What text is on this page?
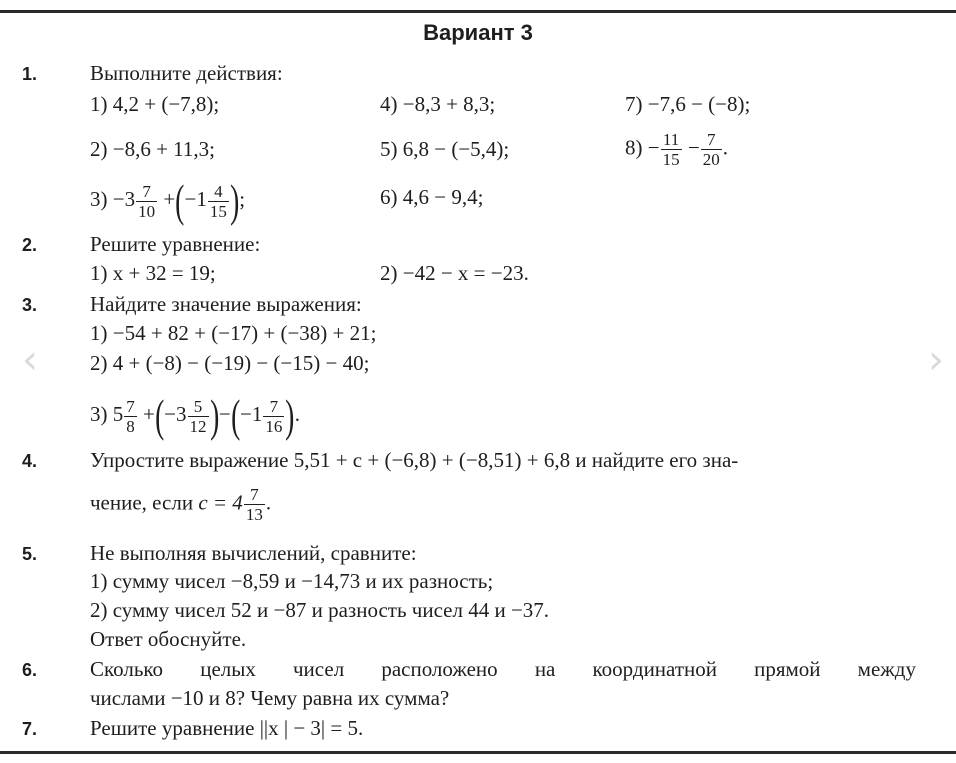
Вариант 3
1.	Выполните действия:
1) 4,2 + (−7,8);	4) −8,3 + 8,3;	7) −7,6 − (−8);
2) −8,6 + 11,3;	5) 6,8 − (−5,4);	$8) - \frac{11}{15} - \frac{7}{20}$ .
$3) -3 \frac{7}{10} +(-1 \frac{4}{15}$ );	6) 4,6 − 9,4;
2.	Решите уравнение:
1) x + 32 = 19;	2) −42 − x = −23.
3.	Найдите значение выражения:
1) −54 + 82 + (−17) + (−38) + 21;
2) 4 + (−8) − (−19) − (−15) − 40;
3) $5 \frac{7}{8} +(-3 \frac{5}{12} )-(-1 \frac{7}{16}$ ).
4.	Упростите выражение 5,51 + c + (−6,8) + (−8,51) + 6,8 и найдите его зна-
чение, если $c = 4 \frac{7}{13}$ .
5.	Не выполняя вычислений, сравните:
1) сумму чисел −8,59 и −14,73 и их разность;
2) сумму чисел 52 и −87 и разность чисел 44 и −37.
Ответ обоснуйте.
6.	Сколько целых чисел расположено на координатной прямой между
числами −10 и 8? Чему равна их сумма?
7.	Решите уравнение ||x | − 3| = 5.
‹	›
